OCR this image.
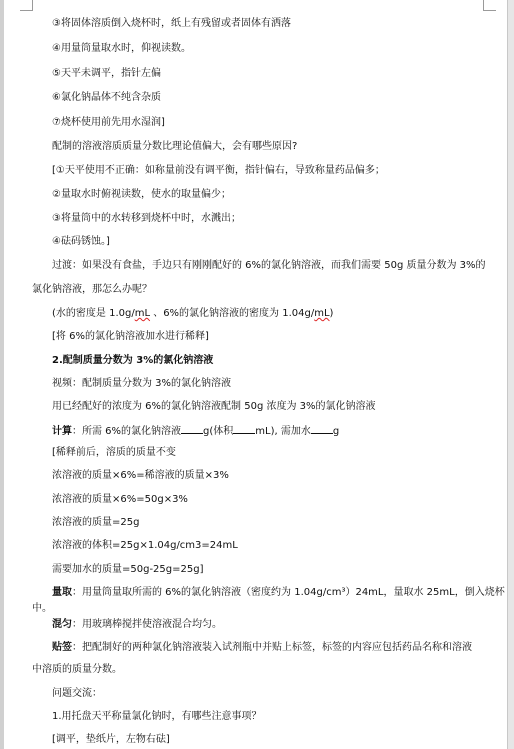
③将固体溶质倒入烧杯时，纸上有残留或者固体有洒落
④用量筒量取水时，仰视读数。
⑤天平未调平，指针左偏
⑥氯化钠晶体不纯含杂质
⑦烧杯使用前先用水湿润]
配制的溶液溶质质量分数比理论值偏大，会有哪些原因?
[①天平使用不正确：如称量前没有调平衡，指针偏右，导致称量药品偏多；
②量取水时俯视读数，使水的取量偏少；
③将量筒中的水转移到烧杯中时，水溅出；
④砝码锈蚀。]
过渡：如果没有食盐，手边只有刚刚配好的 6%的氯化钠溶液，而我们需要 50g 质量分数为 3%的
氯化钠溶液，那怎么办呢？
(水的密度是 1.0g/mL 、6%的氯化钠溶液的密度为 1.04g/mL)
[将 6%的氯化钠溶液加水进行稀释]
2.配制质量分数为 3%的氯化钠溶液
视频：配制质量分数为 3%的氯化钠溶液
用已经配好的浓度为 6%的氯化钠溶液配制 50g 浓度为 3%的氯化钠溶液
计算：所需 6%的氯化钠溶液 g(体积 mL), 需加水 g
[稀释前后，溶质的质量不变
浓溶液的质量×6%=稀溶液的质量×3%
浓溶液的质量×6%=50g×3%
浓溶液的质量=25g
浓溶液的体积=25g×1.04g/cm3=24mL
需要加水的质量=50g-25g=25g]
量取：用量筒量取所需的 6%的氯化钠溶液（密度约为 1.04g/cm³）24mL，量取水 25mL，倒入烧杯
中。
混匀：用玻璃棒搅拌使溶液混合均匀。
贴签：把配制好的两种氯化钠溶液装入试剂瓶中并贴上标签，标签的内容应包括药品名称和溶液
中溶质的质量分数。
问题交流：
1.用托盘天平称量氯化钠时，有哪些注意事项？
[调平，垫纸片，左物右砝]
